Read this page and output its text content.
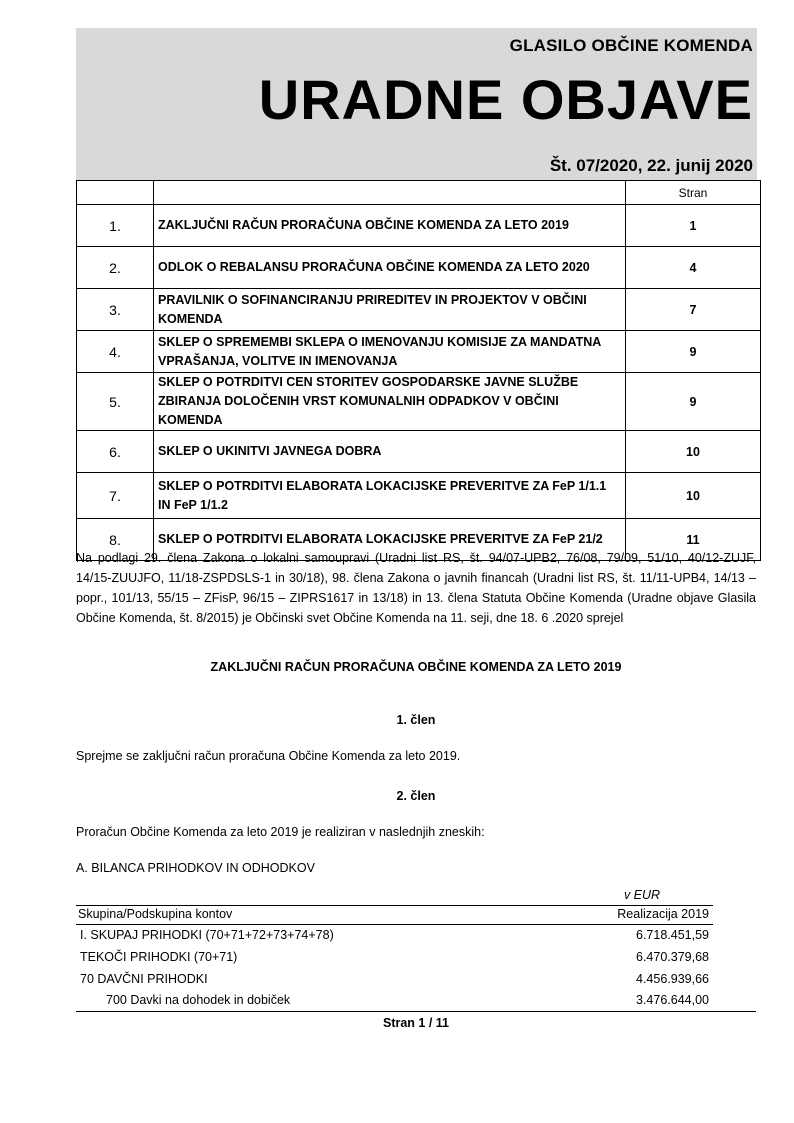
GLASILO OBČINE KOMENDA
URADNE OBJAVE
Št. 07/2020, 22. junij 2020
		Stran
1.	ZAKLJUČNI RAČUN PRORAČUNA OBČINE KOMENDA ZA LETO 2019	1
2.	ODLOK O REBALANSU PRORAČUNA OBČINE KOMENDA ZA LETO 2020	4
3.	PRAVILNIK O SOFINANCIRANJU PRIREDITEV IN PROJEKTOV V OBČINI KOMENDA	7
4.	SKLEP O SPREMEMBI SKLEPA O IMENOVANJU KOMISIJE ZA MANDATNA VPRAŠANJA, VOLITVE IN IMENOVANJA	9
5.	SKLEP O POTRDITVI CEN STORITEV GOSPODARSKE JAVNE SLUŽBE ZBIRANJA DOLOČENIH VRST KOMUNALNIH ODPADKOV V OBČINI KOMENDA	9
6.	SKLEP O UKINITVI JAVNEGA DOBRA	10
7.	SKLEP O POTRDITVI ELABORATA LOKACIJSKE PREVERITVE ZA FeP 1/1.1 IN FeP 1/1.2	10
8.	SKLEP O POTRDITVI ELABORATA LOKACIJSKE PREVERITVE ZA FeP 21/2	11
Na podlagi 29. člena Zakona o lokalni samoupravi (Uradni list RS, št. 94/07-UPB2, 76/08, 79/09, 51/10, 40/12-ZUJF, 14/15-ZUUJFO, 11/18-ZSPDSLS-1 in 30/18), 98. člena Zakona o javnih financah (Uradni list RS, št. 11/11-UPB4, 14/13 – popr., 101/13, 55/15 – ZFisP, 96/15 – ZIPRS1617 in 13/18) in 13. člena Statuta Občine Komenda (Uradne objave Glasila Občine Komenda, št. 8/2015) je Občinski svet Občine Komenda na 11. seji, dne 18. 6 .2020 sprejel
ZAKLJUČNI RAČUN PRORAČUNA OBČINE KOMENDA ZA LETO 2019
1. člen
Sprejme se zaključni račun proračuna Občine Komenda za leto 2019.
2. člen
Proračun Občine Komenda za leto 2019 je realiziran v naslednjih zneskih:
A. BILANCA PRIHODKOV IN ODHODKOV
v EUR
Skupina/Podskupina kontov	Realizacija 2019
I. SKUPAJ PRIHODKI (70+71+72+73+74+78)	6.718.451,59
TEKOČI PRIHODKI (70+71)	6.470.379,68
70 DAVČNI PRIHODKI	4.456.939,66
700 Davki na dohodek in dobiček	3.476.644,00
Stran 1 / 11
